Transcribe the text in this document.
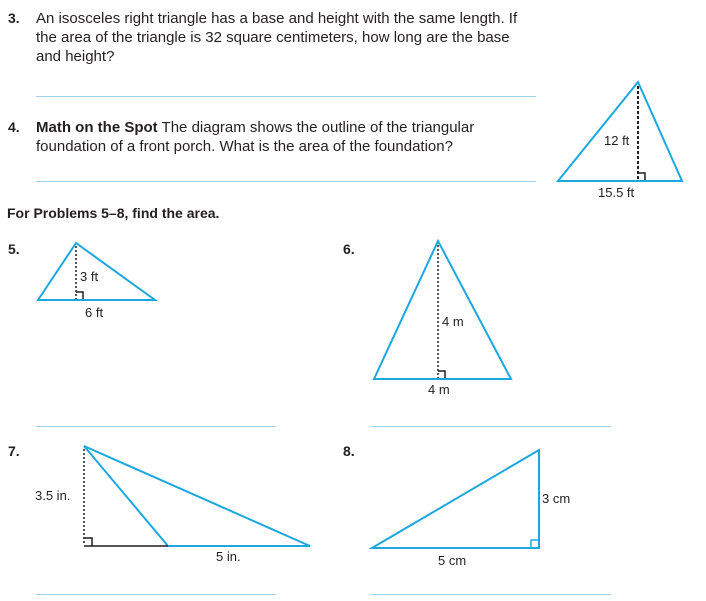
3. An isosceles right triangle has a base and height with the same length. If
the area of the triangle is 32 square centimeters, how long are the base
and height?
4. Math on the Spot The diagram shows the outline of the triangular
foundation of a front porch. What is the area of the foundation?	12 ft
15.5 ft
For Problems 5–8, find the area.
5.
3 ft
6 ft
6.
4 m
4 m
7.
3.5 in.
5 in.
8.
3 cm
5 cm
